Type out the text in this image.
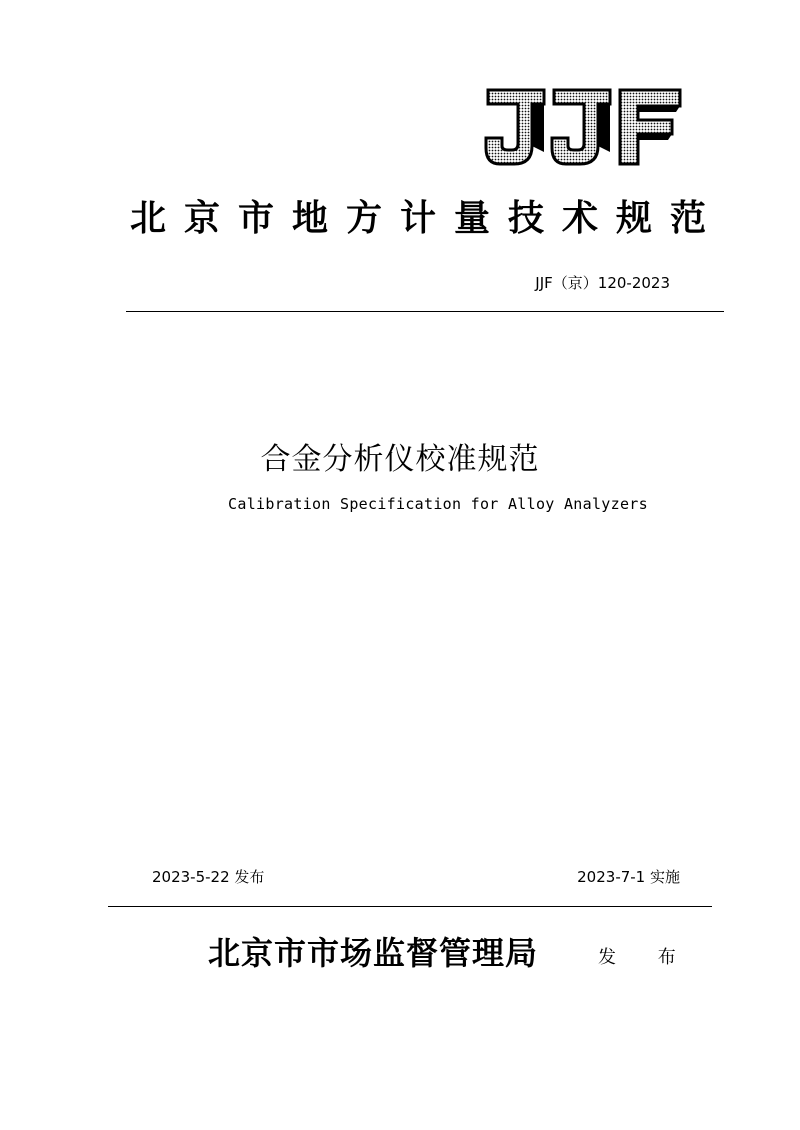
北京市地方计量技术规范
JJF（京）120-2023
合金分析仪校准规范
Calibration Specification for Alloy Analyzers
2023-5-22 发布	2023-7-1 实施
北京市市场监督管理局	发 布
